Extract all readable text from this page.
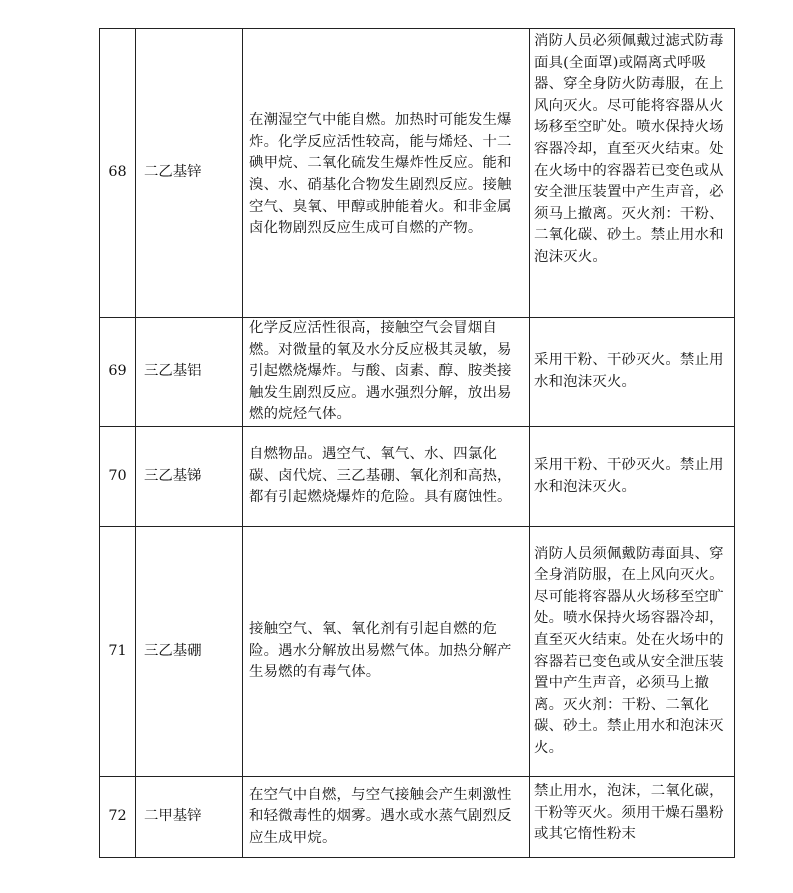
68	二乙基锌	在潮湿空气中能自燃。加热时可能发生爆炸。化学反应活性较高，能与烯烃、十二碘甲烷、二氧化硫发生爆炸性反应。能和溴、水、硝基化合物发生剧烈反应。接触空气、臭氧、甲醇或肿能着火。和非金属卤化物剧烈反应生成可自燃的产物。	消防人员必须佩戴过滤式防毒面具(全面罩)或隔离式呼吸器、穿全身防火防毒服，在上风向灭火。尽可能将容器从火场移至空旷处。喷水保持火场容器冷却，直至灭火结束。处在火场中的容器若已变色或从安全泄压装置中产生声音，必须马上撤离。灭火剂：干粉、二氧化碳、砂土。禁止用水和泡沫灭火。

69	三乙基铝	化学反应活性很高，接触空气会冒烟自燃。对微量的氧及水分反应极其灵敏，易引起燃烧爆炸。与酸、卤素、醇、胺类接触发生剧烈反应。遇水强烈分解，放出易燃的烷烃气体。	采用干粉、干砂灭火。禁止用水和泡沫灭火。

70	三乙基锑	自燃物品。遇空气、氧气、水、四氯化碳、卤代烷、三乙基硼、氧化剂和高热，都有引起燃烧爆炸的危险。具有腐蚀性。	采用干粉、干砂灭火。禁止用水和泡沫灭火。

71	三乙基硼	接触空气、氧、氧化剂有引起自燃的危险。遇水分解放出易燃气体。加热分解产生易燃的有毒气体。	消防人员须佩戴防毒面具、穿全身消防服，在上风向灭火。尽可能将容器从火场移至空旷处。喷水保持火场容器冷却，直至灭火结束。处在火场中的容器若已变色或从安全泄压装置中产生声音，必须马上撤离。灭火剂：干粉、二氧化碳、砂土。禁止用水和泡沫灭火。

72	二甲基锌	在空气中自燃，与空气接触会产生刺激性和轻微毒性的烟雾。遇水或水蒸气剧烈反应生成甲烷。	禁止用水，泡沫，二氧化碳，干粉等灭火。须用干燥石墨粉或其它惰性粉末
